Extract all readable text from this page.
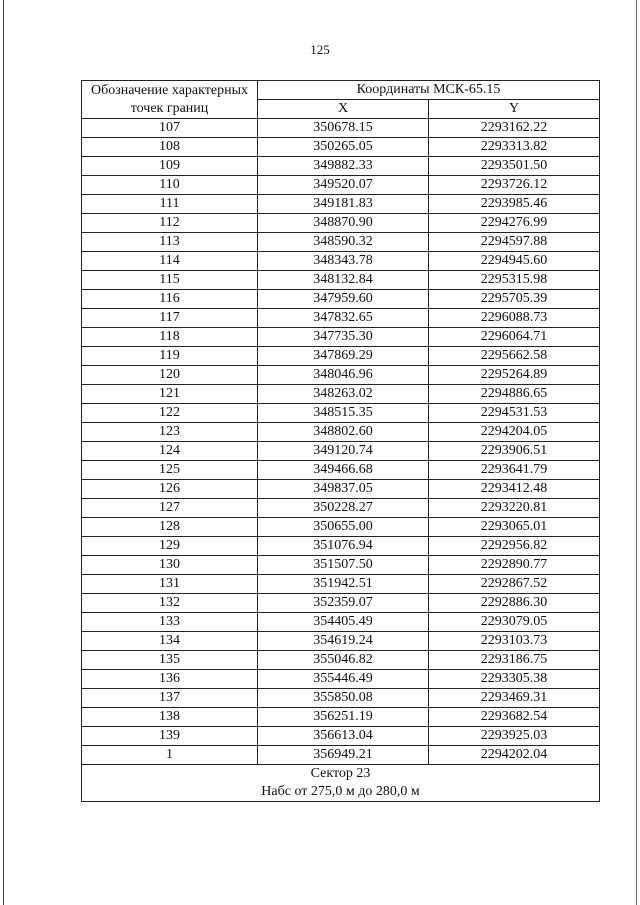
125
Обозначение характерных точек границ	Координаты МСК-65.15	
	X	Y
107	350678.15	2293162.22
108	350265.05	2293313.82
109	349882.33	2293501.50
110	349520.07	2293726.12
111	349181.83	2293985.46
112	348870.90	2294276.99
113	348590.32	2294597.88
114	348343.78	2294945.60
115	348132.84	2295315.98
116	347959.60	2295705.39
117	347832.65	2296088.73
118	347735.30	2296064.71
119	347869.29	2295662.58
120	348046.96	2295264.89
121	348263.02	2294886.65
122	348515.35	2294531.53
123	348802.60	2294204.05
124	349120.74	2293906.51
125	349466.68	2293641.79
126	349837.05	2293412.48
127	350228.27	2293220.81
128	350655.00	2293065.01
129	351076.94	2292956.82
130	351507.50	2292890.77
131	351942.51	2292867.52
132	352359.07	2292886.30
133	354405.49	2293079.05
134	354619.24	2293103.73
135	355046.82	2293186.75
136	355446.49	2293305.38
137	355850.08	2293469.31
138	356251.19	2293682.54
139	356613.04	2293925.03
1	356949.21	2294202.04

Сектор 23
Набс от 275,0 м до 280,0 м		
